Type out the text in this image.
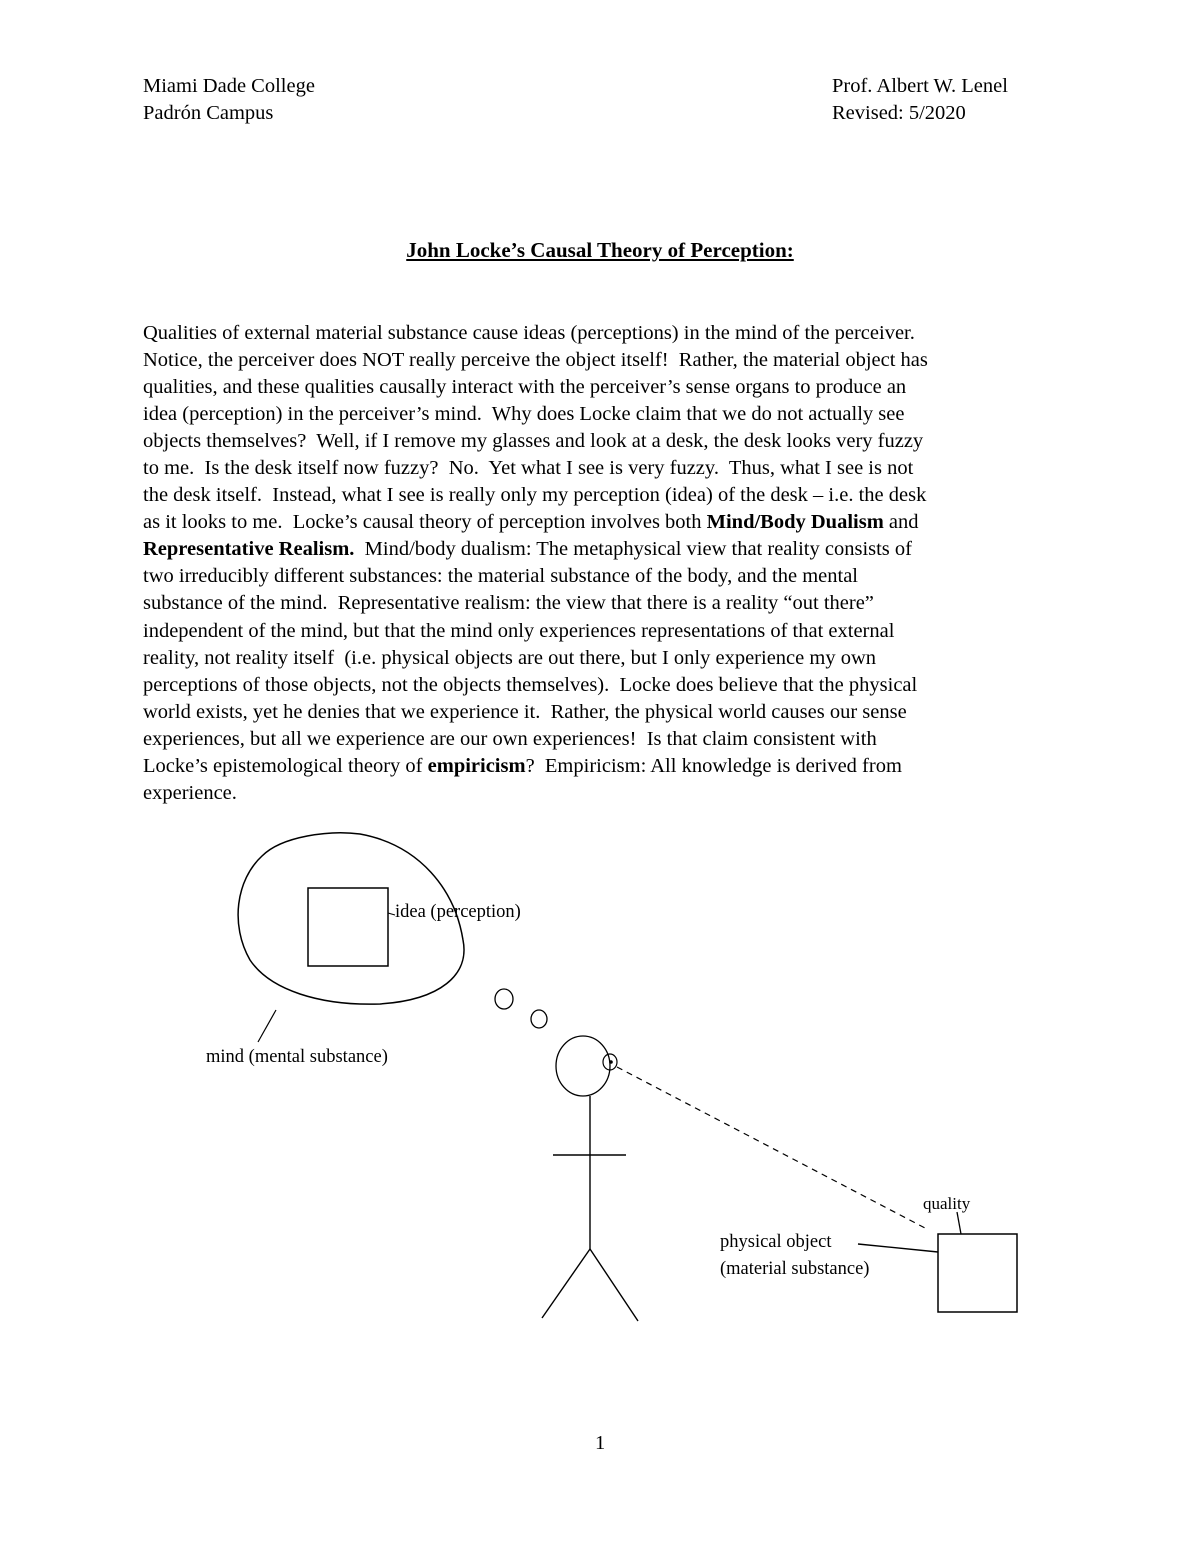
Miami Dade College
Padrón Campus
Prof. Albert W. Lenel
Revised: 5/2020
John Locke’s Causal Theory of Perception:
Qualities of external material substance cause ideas (perceptions) in the mind of the perceiver.
Notice, the perceiver does NOT really perceive the object itself!  Rather, the material object has
qualities, and these qualities causally interact with the perceiver’s sense organs to produce an
idea (perception) in the perceiver’s mind.  Why does Locke claim that we do not actually see
objects themselves?  Well, if I remove my glasses and look at a desk, the desk looks very fuzzy
to me.  Is the desk itself now fuzzy?  No.  Yet what I see is very fuzzy.  Thus, what I see is not
the desk itself.  Instead, what I see is really only my perception (idea) of the desk – i.e. the desk
as it looks to me.  Locke’s causal theory of perception involves both Mind/Body Dualism and
Representative Realism.  Mind/body dualism: The metaphysical view that reality consists of
two irreducibly different substances: the material substance of the body, and the mental
substance of the mind.  Representative realism: the view that there is a reality “out there”
independent of the mind, but that the mind only experiences representations of that external
reality, not reality itself  (i.e. physical objects are out there, but I only experience my own
perceptions of those objects, not the objects themselves).  Locke does believe that the physical
world exists, yet he denies that we experience it.  Rather, the physical world causes our sense
experiences, but all we experience are our own experiences!  Is that claim consistent with
Locke’s epistemological theory of empiricism?  Empiricism: All knowledge is derived from
experience.
idea (perception)
mind (mental substance)
quality
physical object
(material substance)
1
